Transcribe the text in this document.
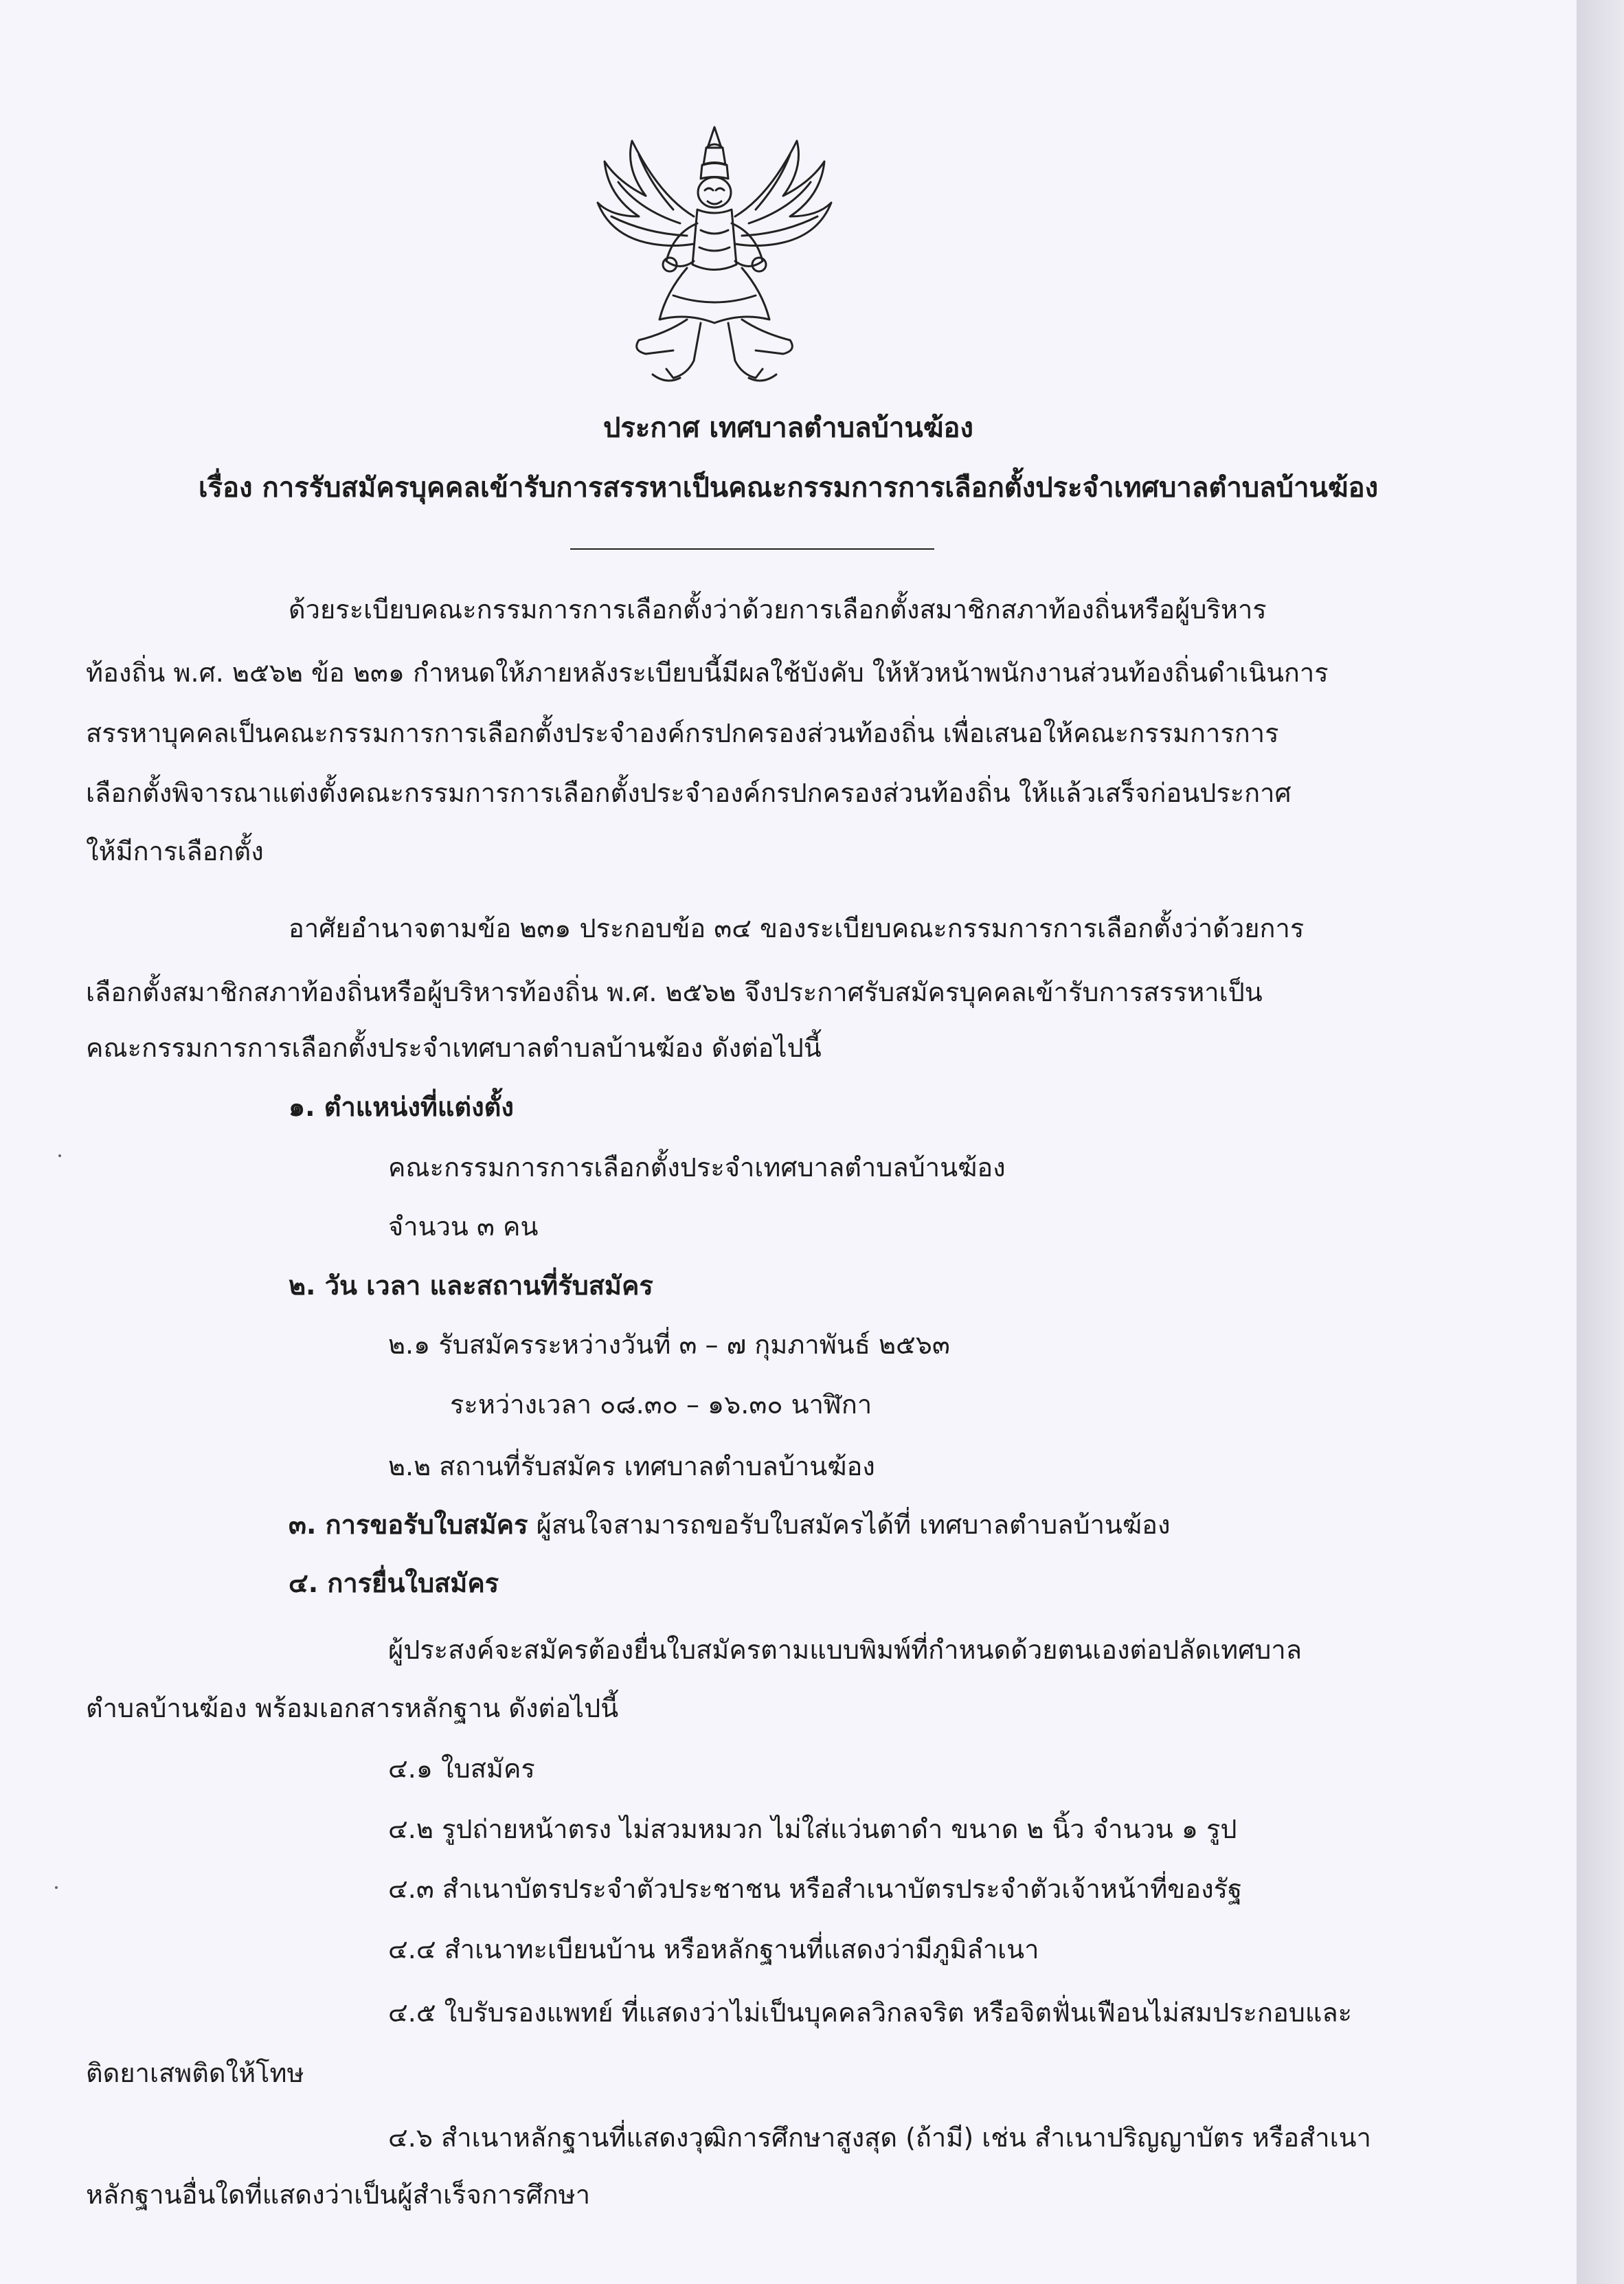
ประกาศ เทศบาลตำบลบ้านฆ้อง
เรื่อง การรับสมัครบุคคลเข้ารับการสรรหาเป็นคณะกรรมการการเลือกตั้งประจำเทศบาลตำบลบ้านฆ้อง
ด้วยระเบียบคณะกรรมการการเลือกตั้งว่าด้วยการเลือกตั้งสมาชิกสภาท้องถิ่นหรือผู้บริหาร
ท้องถิ่น พ.ศ. ๒๕๖๒ ข้อ ๒๓๑ กำหนดให้ภายหลังระเบียบนี้มีผลใช้บังคับ ให้หัวหน้าพนักงานส่วนท้องถิ่นดำเนินการ
สรรหาบุคคลเป็นคณะกรรมการการเลือกตั้งประจำองค์กรปกครองส่วนท้องถิ่น เพื่อเสนอให้คณะกรรมการการ
เลือกตั้งพิจารณาแต่งตั้งคณะกรรมการการเลือกตั้งประจำองค์กรปกครองส่วนท้องถิ่น ให้แล้วเสร็จก่อนประกาศ
ให้มีการเลือกตั้ง
อาศัยอำนาจตามข้อ ๒๓๑ ประกอบข้อ ๓๔ ของระเบียบคณะกรรมการการเลือกตั้งว่าด้วยการ
เลือกตั้งสมาชิกสภาท้องถิ่นหรือผู้บริหารท้องถิ่น พ.ศ. ๒๕๖๒ จึงประกาศรับสมัครบุคคลเข้ารับการสรรหาเป็น
คณะกรรมการการเลือกตั้งประจำเทศบาลตำบลบ้านฆ้อง ดังต่อไปนี้
๑. ตำแหน่งที่แต่งตั้ง
คณะกรรมการการเลือกตั้งประจำเทศบาลตำบลบ้านฆ้อง
จำนวน ๓ คน
๒. วัน เวลา และสถานที่รับสมัคร
๒.๑ รับสมัครระหว่างวันที่ ๓ – ๗ กุมภาพันธ์ ๒๕๖๓
ระหว่างเวลา ๐๘.๓๐ – ๑๖.๓๐ นาฬิกา
๒.๒ สถานที่รับสมัคร เทศบาลตำบลบ้านฆ้อง
๓. การขอรับใบสมัคร ผู้สนใจสามารถขอรับใบสมัครได้ที่ เทศบาลตำบลบ้านฆ้อง
๔. การยื่นใบสมัคร
ผู้ประสงค์จะสมัครต้องยื่นใบสมัครตามแบบพิมพ์ที่กำหนดด้วยตนเองต่อปลัดเทศบาล
ตำบลบ้านฆ้อง พร้อมเอกสารหลักฐาน ดังต่อไปนี้
๔.๑ ใบสมัคร
๔.๒ รูปถ่ายหน้าตรง ไม่สวมหมวก ไม่ใส่แว่นตาดำ ขนาด ๒ นิ้ว จำนวน ๑ รูป
๔.๓ สำเนาบัตรประจำตัวประชาชน หรือสำเนาบัตรประจำตัวเจ้าหน้าที่ของรัฐ
๔.๔ สำเนาทะเบียนบ้าน หรือหลักฐานที่แสดงว่ามีภูมิลำเนา
๔.๕ ใบรับรองแพทย์ ที่แสดงว่าไม่เป็นบุคคลวิกลจริต หรือจิตฟั่นเฟือนไม่สมประกอบและ
ติดยาเสพติดให้โทษ
๔.๖ สำเนาหลักฐานที่แสดงวุฒิการศึกษาสูงสุด (ถ้ามี) เช่น สำเนาปริญญาบัตร หรือสำเนา
หลักฐานอื่นใดที่แสดงว่าเป็นผู้สำเร็จการศึกษา
